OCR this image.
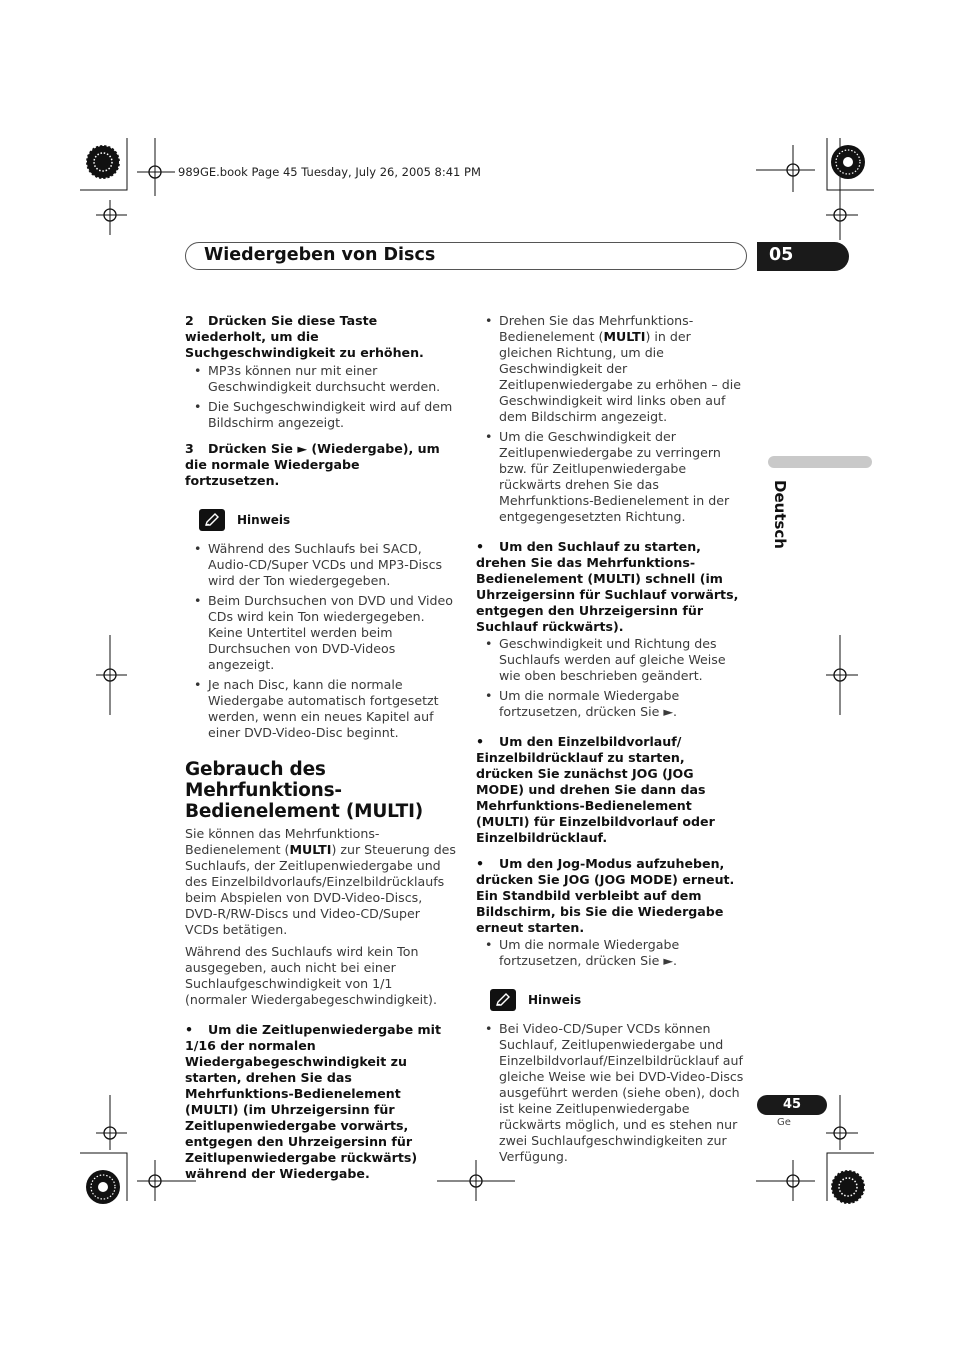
989GE.book Page 45 Tuesday, July 26, 2005 8:41 PM
Wiedergeben von Discs	05
Deutsch
2 Drücken Sie diese Taste wiederholt, um die Suchgeschwindigkeit zu erhöhen.
• MP3s können nur mit einer Geschwindigkeit durchsucht werden.
• Die Suchgeschwindigkeit wird auf dem Bildschirm angezeigt.
3 Drücken Sie ► (Wiedergabe), um die normale Wiedergabe fortzusetzen.
Hinweis
• Während des Suchlaufs bei SACD, Audio-CD/Super VCDs und MP3-Discs wird der Ton wiedergegeben.
• Beim Durchsuchen von DVD und Video CDs wird kein Ton wiedergegeben. Keine Untertitel werden beim Durchsuchen von DVD-Videos angezeigt.
• Je nach Disc, kann die normale Wiedergabe automatisch fortgesetzt werden, wenn ein neues Kapitel auf einer DVD-Video-Disc beginnt.
Gebrauch des Mehrfunktions-Bedienelement (MULTI)

Sie können das Mehrfunktions-Bedienelement (MULTI) zur Steuerung des Suchlaufs, der Zeitlupenwiedergabe und des Einzelbildvorlaufs/Einzelbildrücklaufs beim Abspielen von DVD-Video-Discs, DVD-R/RW-Discs und Video-CD/Super VCDs betätigen.

Während des Suchlaufs wird kein Ton ausgegeben, auch nicht bei einer Suchlaufgeschwindigkeit von 1/1 (normaler Wiedergabegeschwindigkeit).

• Um die Zeitlupenwiedergabe mit 1/16 der normalen Wiedergabegeschwindigkeit zu starten, drehen Sie das Mehrfunktions-Bedienelement (MULTI) (im Uhrzeigersinn für Zeitlupenwiedergabe vorwärts, entgegen den Uhrzeigersinn für Zeitlupenwiedergabe rückwärts) während der Wiedergabe.
• Drehen Sie das Mehrfunktions-Bedienelement (MULTI) in der gleichen Richtung, um die Geschwindigkeit der Zeitlupenwiedergabe zu erhöhen – die Geschwindigkeit wird links oben auf dem Bildschirm angezeigt.
• Um die Geschwindigkeit der Zeitlupenwiedergabe zu verringern bzw. für Zeitlupenwiedergabe rückwärts drehen Sie das Mehrfunktions-Bedienelement in der entgegengesetzten Richtung.
• Um den Suchlauf zu starten, drehen Sie das Mehrfunktions-Bedienelement (MULTI) schnell (im Uhrzeigersinn für Suchlauf vorwärts, entgegen den Uhrzeigersinn für Suchlauf rückwärts).
• Geschwindigkeit und Richtung des Suchlaufs werden auf gleiche Weise wie oben beschrieben geändert.
• Um die normale Wiedergabe fortzusetzen, drücken Sie ►.
• Um den Einzelbildvorlauf/ Einzelbildrücklauf zu starten, drücken Sie zunächst JOG (JOG MODE) und drehen Sie dann das Mehrfunktions-Bedienelement (MULTI) für Einzelbildvorlauf oder Einzelbildrücklauf.
• Um den Jog-Modus aufzuheben, drücken Sie JOG (JOG MODE) erneut. Ein Standbild verbleibt auf dem Bildschirm, bis Sie die Wiedergabe erneut starten.
• Um die normale Wiedergabe fortzusetzen, drücken Sie ►.
Hinweis
• Bei Video-CD/Super VCDs können Suchlauf, Zeitlupenwiedergabe und Einzelbildvorlauf/Einzelbildrücklauf auf gleiche Weise wie bei DVD-Video-Discs ausgeführt werden (siehe oben), doch ist keine Zeitlupenwiedergabe rückwärts möglich, und es stehen nur zwei Suchlaufgeschwindigkeiten zur Verfügung.
45
Ge
